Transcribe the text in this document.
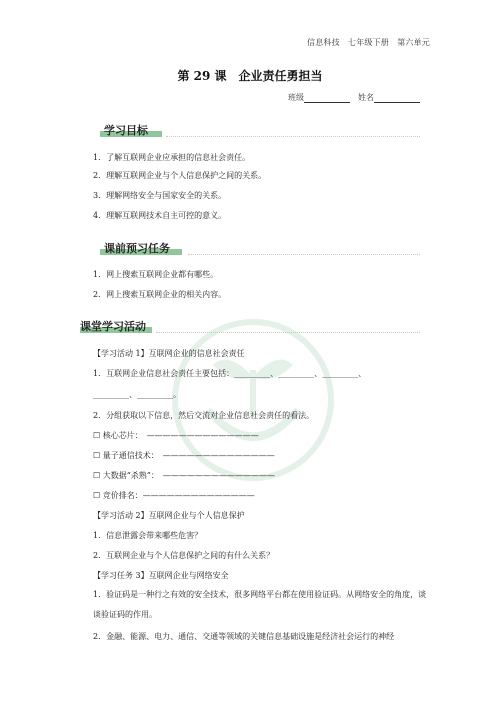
信息科技　七年级下册　第六单元
第 29 课　企业责任勇担当
班级	姓名
学习目标
1．了解互联网企业应承担的信息社会责任。
2．理解互联网企业与个人信息保护之间的关系。
3．理解网络安全与国家安全的关系。
4．理解互联网技术自主可控的意义。
课前预习任务
1．网上搜索互联网企业都有哪些。
2．网上搜索互联网企业的相关内容。
课堂学习活动
【学习活动 1】互联网企业的信息社会责任
1．互联网企业信息社会责任主要包括：_________、_________、_________、
_________、_________。
2．分组获取以下信息，然后交流对企业信息社会责任的看法。
☐ 核心芯片：　——————————————
☐ 量子通信技术：　——————————————
☐ 大数据“杀熟”：　——————————————
☐ 竞价排名：——————————————
【学习活动 2】互联网企业与个人信息保护
1．信息泄露会带来哪些危害？
2．互联网企业与个人信息保护之间的有什么关系？
【学习任务 3】互联网企业与网络安全
1．验证码是一种行之有效的安全技术，很多网络平台都在使用验证码。从网络安全的角度，谈谈验证码的作用。
2．金融、能源、电力、通信、交通等领域的关键信息基础设施是经济社会运行的神经
